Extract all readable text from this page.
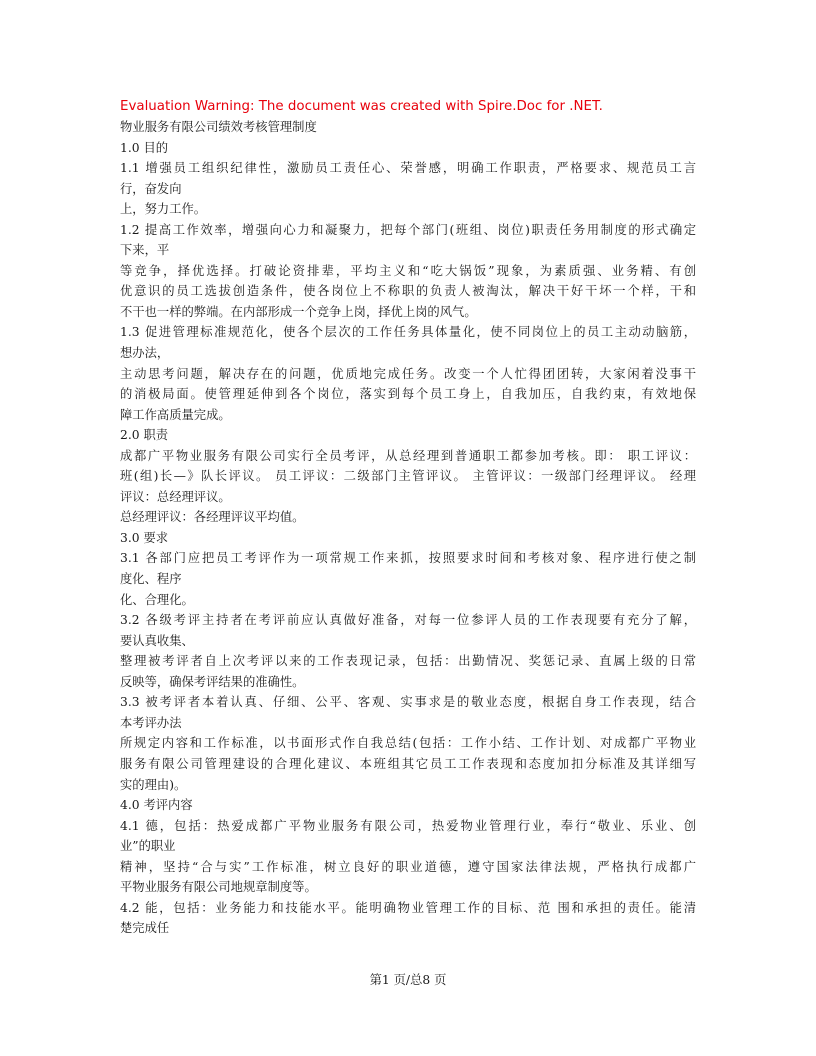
Evaluation Warning: The document was created with Spire.Doc for .NET.
物业服务有限公司绩效考核管理制度
1.0 目的
1.1 增强员工组织纪律性，激励员工责任心、荣誉感，明确工作职责，严格要求、规范员工言
行，奋发向
上，努力工作。
1.2 提高工作效率，增强向心力和凝聚力，把每个部门(班组、岗位)职责任务用制度的形式确定
下来，平
等竞争，择优选择。打破论资排辈，平均主义和“吃大锅饭”现象，为素质强、业务精、有创
优意识的员工选拔创造条件，使各岗位上不称职的负责人被淘汰，解决干好干坏一个样，干和
不干也一样的弊端。在内部形成一个竞争上岗，择优上岗的风气。
1.3 促进管理标准规范化，使各个层次的工作任务具体量化，使不同岗位上的员工主动动脑筋，
想办法，
主动思考问题，解决存在的问题，优质地完成任务。改变一个人忙得团团转，大家闲着没事干
的消极局面。使管理延伸到各个岗位，落实到每个员工身上，自我加压，自我约束，有效地保
障工作高质量完成。
2.0 职责
成都广平物业服务有限公司实行全员考评，从总经理到普通职工都参加考核。即： 职工评议：
班(组)长—》队长评议。 员工评议：二级部门主管评议。 主管评议：一级部门经理评议。 经理
评议：总经理评议。
总经理评议：各经理评议平均值。
3.0 要求
3.1 各部门应把员工考评作为一项常规工作来抓，按照要求时间和考核对象、程序进行使之制
度化、程序
化、合理化。
3.2 各级考评主持者在考评前应认真做好准备，对每一位参评人员的工作表现要有充分了解，
要认真收集、
整理被考评者自上次考评以来的工作表现记录，包括：出勤情况、奖惩记录、直属上级的日常
反映等，确保考评结果的准确性。
3.3 被考评者本着认真、仔细、公平、客观、实事求是的敬业态度，根据自身工作表现，结合
本考评办法
所规定内容和工作标准，以书面形式作自我总结(包括：工作小结、工作计划、对成都广平物业
服务有限公司管理建设的合理化建议、本班组其它员工工作表现和态度加扣分标准及其详细写
实的理由)。
4.0 考评内容
4.1 德，包括：热爱成都广平物业服务有限公司，热爱物业管理行业，奉行“敬业、乐业、创
业”的职业
精神，坚持“合与实”工作标准，树立良好的职业道德，遵守国家法律法规，严格执行成都广
平物业服务有限公司地规章制度等。
4.2 能，包括：业务能力和技能水平。能明确物业管理工作的目标、范 围和承担的责任。能清
楚完成任
第1 页/总8 页
